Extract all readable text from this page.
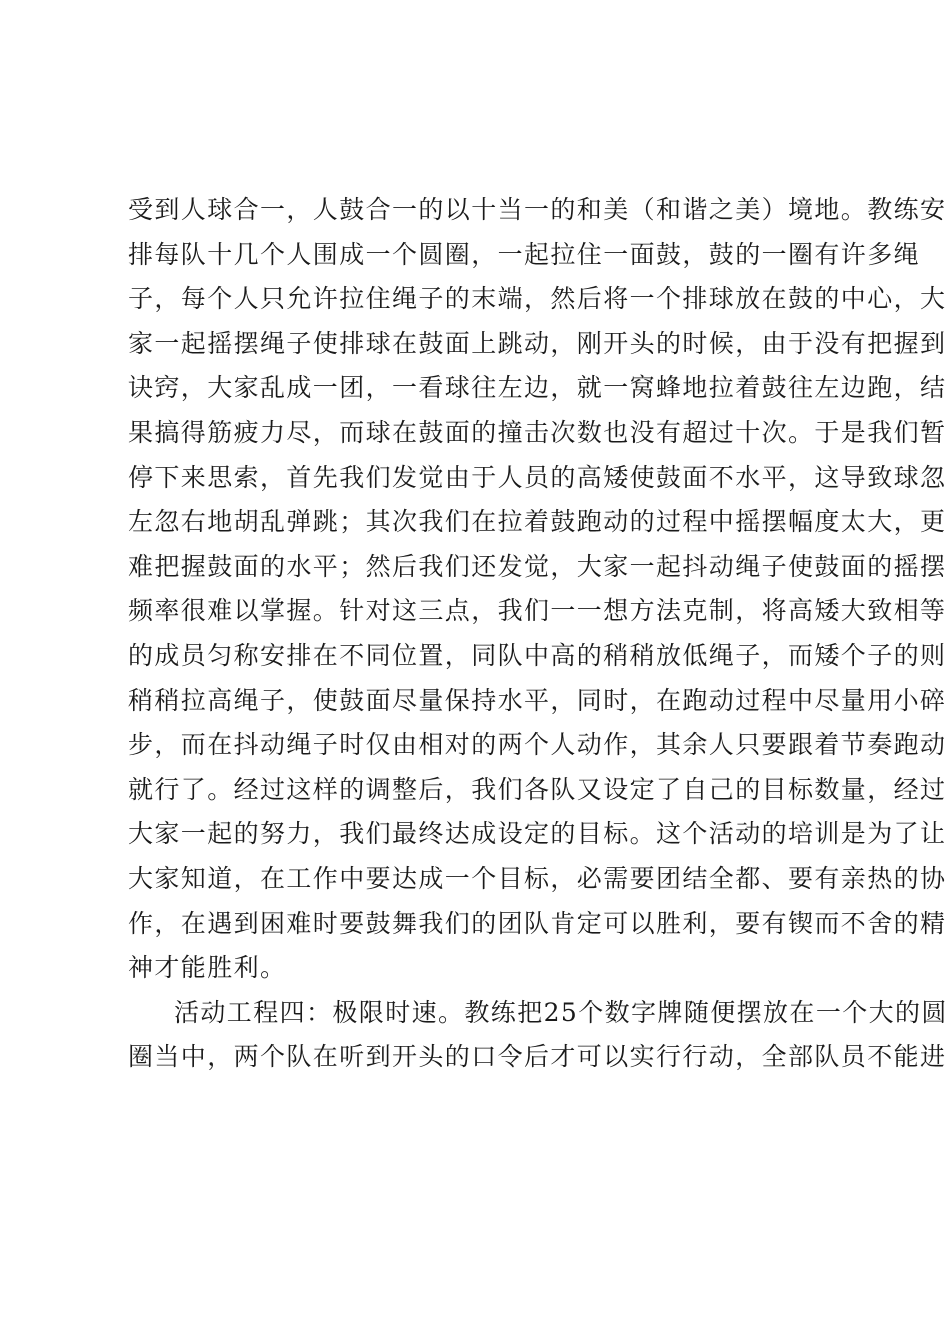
受到人球合一，人鼓合一的以十当一的和美（和谐之美）境地。教练安
排每队十几个人围成一个圆圈，一起拉住一面鼓，鼓的一圈有许多绳
子，每个人只允许拉住绳子的末端，然后将一个排球放在鼓的中心，大
家一起摇摆绳子使排球在鼓面上跳动，刚开头的时候，由于没有把握到
诀窍，大家乱成一团，一看球往左边，就一窝蜂地拉着鼓往左边跑，结
果搞得筋疲力尽，而球在鼓面的撞击次数也没有超过十次。于是我们暂
停下来思索，首先我们发觉由于人员的高矮使鼓面不水平，这导致球忽
左忽右地胡乱弹跳；其次我们在拉着鼓跑动的过程中摇摆幅度太大，更
难把握鼓面的水平；然后我们还发觉，大家一起抖动绳子使鼓面的摇摆
频率很难以掌握。针对这三点，我们一一想方法克制，将高矮大致相等
的成员匀称安排在不同位置，同队中高的稍稍放低绳子，而矮个子的则
稍稍拉高绳子，使鼓面尽量保持水平，同时，在跑动过程中尽量用小碎
步，而在抖动绳子时仅由相对的两个人动作，其余人只要跟着节奏跑动
就行了。经过这样的调整后，我们各队又设定了自己的目标数量，经过
大家一起的努力，我们最终达成设定的目标。这个活动的培训是为了让
大家知道，在工作中要达成一个目标，必需要团结全都、要有亲热的协
作，在遇到困难时要鼓舞我们的团队肯定可以胜利，要有锲而不舍的精
神才能胜利。
活动工程四：极限时速。教练把25个数字牌随便摆放在一个大的圆
圈当中，两个队在听到开头的口令后才可以实行行动，全部队员不能进
